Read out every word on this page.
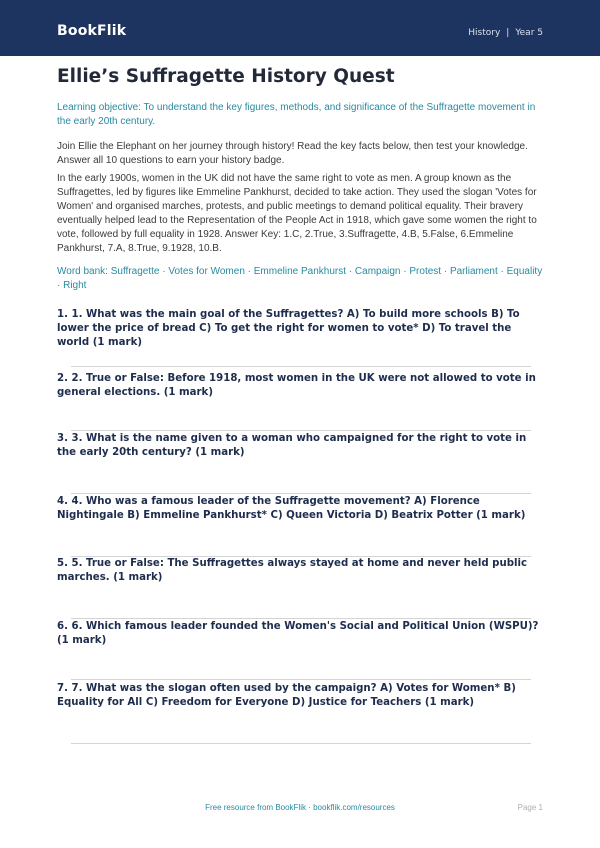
BookFlik	History | Year 5
Ellie’s Suffragette History Quest
Learning objective: To understand the key figures, methods, and significance of the Suffragette movement in the early 20th century.
Join Ellie the Elephant on her journey through history! Read the key facts below, then test your knowledge. Answer all 10 questions to earn your history badge.
In the early 1900s, women in the UK did not have the same right to vote as men. A group known as the Suffragettes, led by figures like Emmeline Pankhurst, decided to take action. They used the slogan 'Votes for Women' and organised marches, protests, and public meetings to demand political equality. Their bravery eventually helped lead to the Representation of the People Act in 1918, which gave some women the right to vote, followed by full equality in 1928. Answer Key: 1.C, 2.True, 3.Suffragette, 4.B, 5.False, 6.Emmeline Pankhurst, 7.A, 8.True, 9.1928, 10.B.
Word bank: Suffragette · Votes for Women · Emmeline Pankhurst · Campaign · Protest · Parliament · Equality · Right
1. 1. What was the main goal of the Suffragettes? A) To build more schools B) To lower the price of bread C) To get the right for women to vote* D) To travel the world (1 mark)
2. 2. True or False: Before 1918, most women in the UK were not allowed to vote in general elections. (1 mark)
3. 3. What is the name given to a woman who campaigned for the right to vote in the early 20th century? (1 mark)
4. 4. Who was a famous leader of the Suffragette movement? A) Florence Nightingale B) Emmeline Pankhurst* C) Queen Victoria D) Beatrix Potter (1 mark)
5. 5. True or False: The Suffragettes always stayed at home and never held public marches. (1 mark)
6. 6. Which famous leader founded the Women's Social and Political Union (WSPU)? (1 mark)
7. 7. What was the slogan often used by the campaign? A) Votes for Women* B) Equality for All C) Freedom for Everyone D) Justice for Teachers (1 mark)
Free resource from BookFlik · bookflik.com/resources	Page 1
